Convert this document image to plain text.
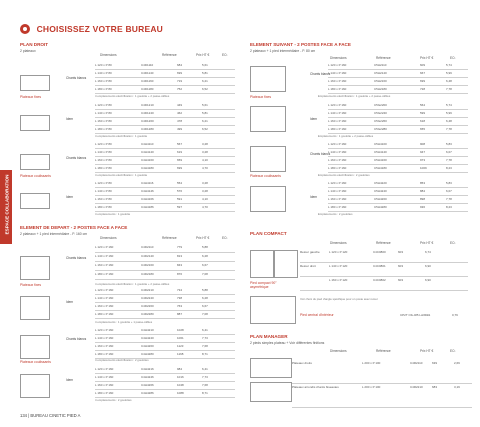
ESPACE COLLABORATION
CHOISISSEZ VOTRE BUREAU
PLAN DROIT
2 plateaux
Dimensions	Référence	Prix HT €	EC¹
Chants blancs
Plateaux fixes
L 120 x P 80	C4D1110	684	5,61
L 140 x P 80	C4D1140	699	5,81
L 160 x P 80	C4D1160	719	6,21
L 180 x P 80	C4D1180	752	6,52
4 emplacements électrification : 1 goulotte + 2 passe-câbles
Idem
L 120 x P 80	C4D1210	449	5,61
L 140 x P 80	C4D1240	462	5,81
L 160 x P 80	C4D1260	478	6,21
L 180 x P 80	C4D1280	499	6,52
4 emplacements électrification : 1 goulotte
Chants blancs
Plateaux coulissants
L 120 x P 80	C4H4110	567	3,28
L 140 x P 80	C4H4140	619	3,28
L 160 x P 80	C4H4160	659	4,10
L 180 x P 80	C4H4180	699	4,70
4 emplacements électrification : 1 goulotte
Idem
L 120 x P 80	C4H4116	554	3,28
L 140 x P 80	C4H4146	576	3,28
L 160 x P 80	C4H4166	591	4,10
L 180 x P 80	C4H4186	597	4,70
4 emplacements : 1 goulotte
ELEMENT DE DEPART - 2 POSTES FACE A FACE
2 plateaux + 1 pied intermédiaire - P. 160 cm
Dimensions	Référence	Prix HT €	EC¹
Chants blancs
Plateaux fixes
L 120 x P 160	C4D2110	779	5,88
L 140 x P 160	C4D2140	813	6,28
L 160 x P 160	C4D2160	843	6,67
L 180 x P 160	C4D2180	876	7,08
4 emplacements électrification : 1 goulotte + 2 passe-câbles
Idem
L 120 x P 160	C4D2210	734	5,88
L 140 x P 160	C4D2240	738	6,28
L 160 x P 160	C4D2260	763	6,67
L 180 x P 160	C4D2280	887	7,08
4 emplacements : 1 goulotte + 1 passe-câbles
Chants blancs
Plateaux coulissants
L 120 x P 160	C4H4210	1028	6,41
L 140 x P 160	C4H4240	1061	7,73
L 160 x P 160	C4H4260	1123	7,68
L 180 x P 160	C4H4280	1168	8,71
4 emplacements électrification : 2 goulottes
Idem
L 120 x P 160	C4H4216	984	6,41
L 140 x P 160	C4H4246	1016	7,73
L 160 x P 160	C4H4266	1048	7,68
L 180 x P 160	C4H4286	1088	8,71
4 emplacements : 2 goulottes
ELEMENT SUIVANT - 2 POSTES FACE A FACE
2 plateaux + 1 pied intermédiaire - P. 80 cm
Dimensions	Référence	Prix HT €	EC¹
Chants blancs
Plateaux fixes
L 120 x P 160	C5H2110	609	5,74
L 140 x P 160	C5H2140	667	5,99
L 160 x P 160	C5H2160	699	6,48
L 180 x P 160	C5H2180	728	7,78
Emplacements électrification : 1 goulotte + 2 passe-câbles
Idem
L 120 x P 160	C5G2200	564	5,74
L 140 x P 160	C5G2240	599	5,99
L 160 x P 160	C5G2260	618	6,48
L 180 x P 160	C5G2280	655	7,78
Emplacements : 1 goulotte + 2 passe-câbles
Chants blancs
Plateaux coulissants
L 120 x P 160	C5H4100	908	5,83
L 140 x P 160	C5H4140	947	6,07
L 160 x P 160	C5H4160	973	7,78
L 180 x P 160	C5H4180	1009	8,23
Emplacements électrification : 2 goulottes
Idem
L 120 x P 160	C5H4220	853	5,83
L 140 x P 160	C5H4240	884	6,07
L 160 x P 160	C5H4260	898	7,78
L 180 x P 160	C5H4280	936	8,23
Emplacements : 2 goulottes
PLAN COMPACT
Dimensions	Référence	Prix HT €	EC¹
Pied compact 90° asymétrique
Retour gauche	L 120 x P 120	C4C0800	603	6,74
Retour droit	L 140 x P 120	C4C0801	603	6,90
L 160 x P 120	C4C0802	603	6,90
Voir choix du pied d'angle spécifique pour un poste avec retour
Pied central d'intérieur	CP2T OIL-RB Lst/RL 91	0,79
PLAN MANAGER
2 pieds simples plateau + Voir différentes finitions
Dimensions	Référence	Prix HT €	EC¹
Plateaux droits	L 200 x P 100	C4R2110	639	2,69
Plateaux arrondis chants biseautes	L 200 x P 100	C4R2210	683	3,19
134 | BUREAU CINETIC PIED A
